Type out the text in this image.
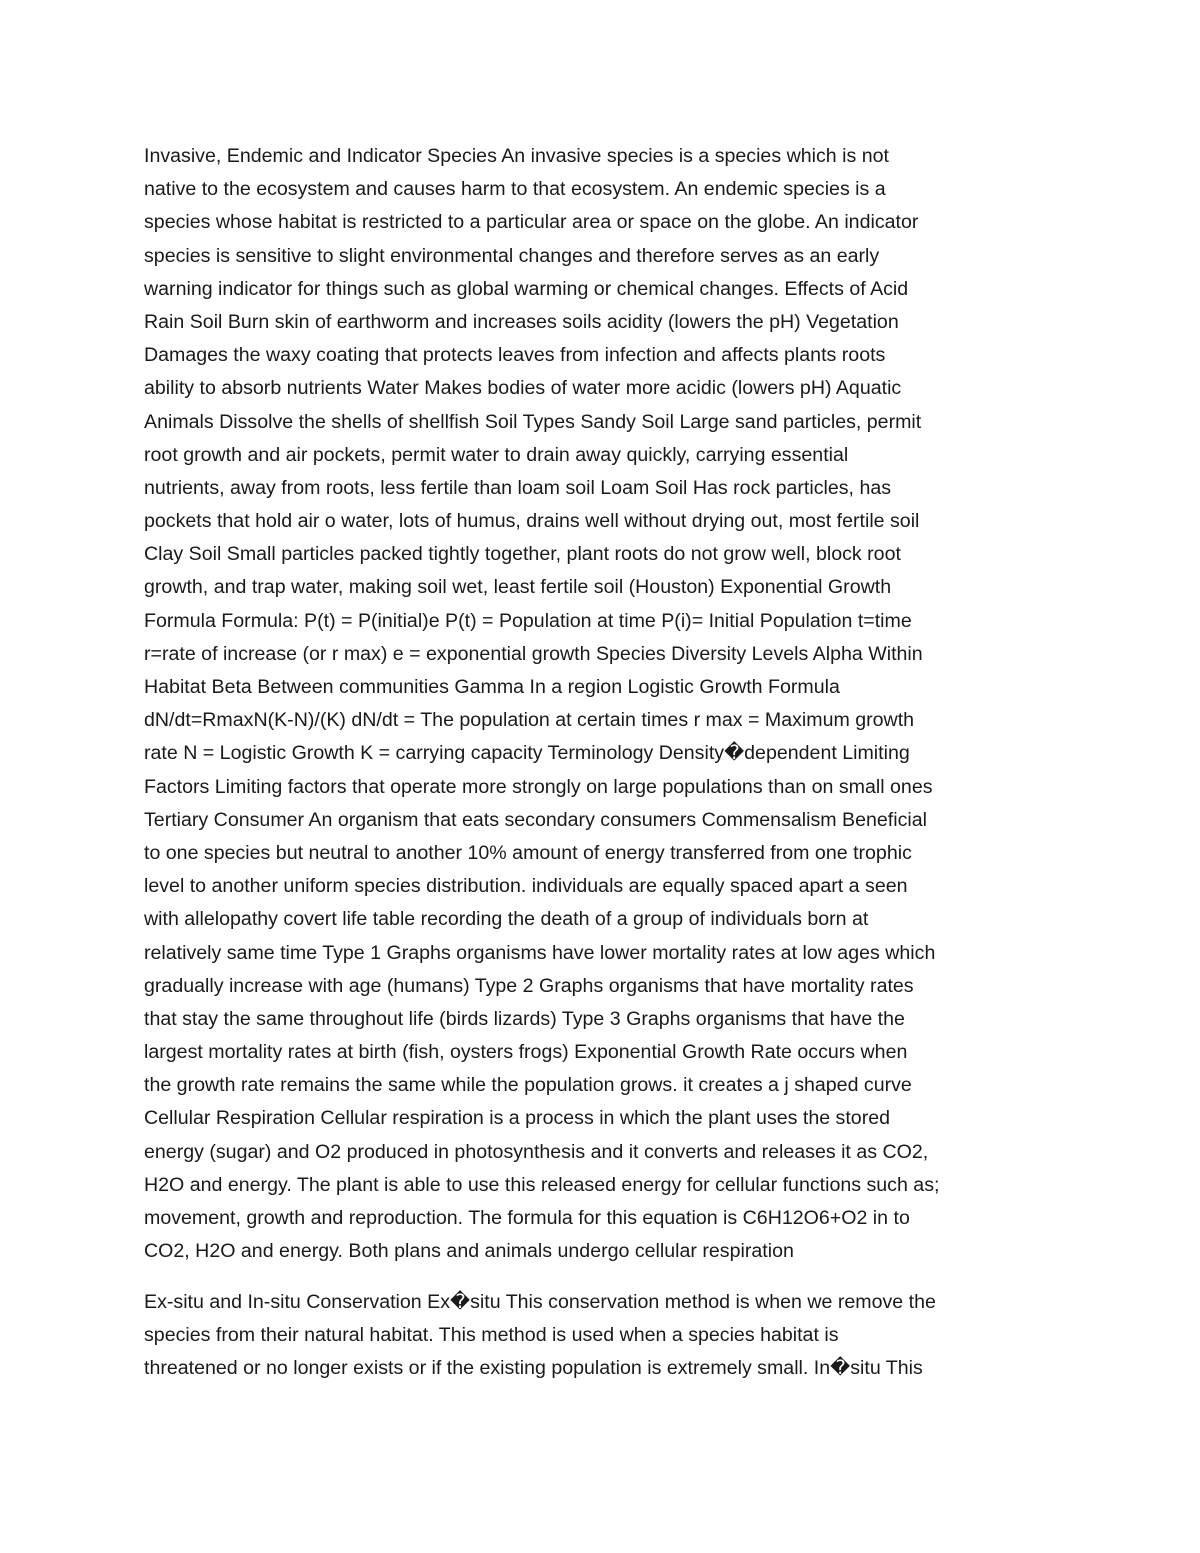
Invasive, Endemic and Indicator Species An invasive species is a species which is not
native to the ecosystem and causes harm to that ecosystem. An endemic species is a
species whose habitat is restricted to a particular area or space on the globe. An indicator
species is sensitive to slight environmental changes and therefore serves as an early
warning indicator for things such as global warming or chemical changes. Effects of Acid
Rain Soil Burn skin of earthworm and increases soils acidity (lowers the pH) Vegetation
Damages the waxy coating that protects leaves from infection and affects plants roots
ability to absorb nutrients Water Makes bodies of water more acidic (lowers pH) Aquatic
Animals Dissolve the shells of shellfish Soil Types Sandy Soil Large sand particles, permit
root growth and air pockets, permit water to drain away quickly, carrying essential
nutrients, away from roots, less fertile than loam soil Loam Soil Has rock particles, has
pockets that hold air o water, lots of humus, drains well without drying out, most fertile soil
Clay Soil Small particles packed tightly together, plant roots do not grow well, block root
growth, and trap water, making soil wet, least fertile soil (Houston) Exponential Growth
Formula Formula: P(t) = P(initial)e P(t) = Population at time P(i)= Initial Population t=time
r=rate of increase (or r max) e = exponential growth Species Diversity Levels Alpha Within
Habitat Beta Between communities Gamma In a region Logistic Growth Formula
dN/dt=RmaxN(K-N)/(K) dN/dt = The population at certain times r max = Maximum growth
rate N = Logistic Growth K = carrying capacity Terminology Density�dependent Limiting
Factors Limiting factors that operate more strongly on large populations than on small ones
Tertiary Consumer An organism that eats secondary consumers Commensalism Beneficial
to one species but neutral to another 10% amount of energy transferred from one trophic
level to another uniform species distribution. individuals are equally spaced apart a seen
with allelopathy covert life table recording the death of a group of individuals born at
relatively same time Type 1 Graphs organisms have lower mortality rates at low ages which
gradually increase with age (humans) Type 2 Graphs organisms that have mortality rates
that stay the same throughout life (birds lizards) Type 3 Graphs organisms that have the
largest mortality rates at birth (fish, oysters frogs) Exponential Growth Rate occurs when
the growth rate remains the same while the population grows. it creates a j shaped curve
Cellular Respiration Cellular respiration is a process in which the plant uses the stored
energy (sugar) and O2 produced in photosynthesis and it converts and releases it as CO2,
H2O and energy. The plant is able to use this released energy for cellular functions such as;
movement, growth and reproduction. The formula for this equation is C6H12O6+O2 in to
CO2, H2O and energy. Both plans and animals undergo cellular respiration
Ex-situ and In-situ Conservation Ex�situ This conservation method is when we remove the
species from their natural habitat. This method is used when a species habitat is
threatened or no longer exists or if the existing population is extremely small. In�situ This
